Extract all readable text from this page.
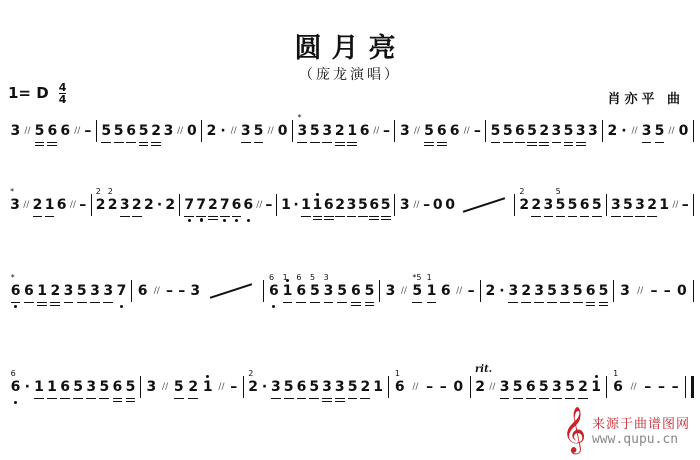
圆月亮
（庞龙演唱）
1= D 4
4	肖亦平 曲
3 // 5 6 6 // – 5 5 6 5 2 3 // 0 2 · // 3 5 // 0 3
*
5 3 2 1 6 // – 3 // 5 6 6 // – 5 5 6 5 2 3 5 3 3 2 · // 3 5 // 0
3
*
// 2 1 6 // – 2
2
2
2
3 2 2 · 2 7 7 2 7 6 6 // – 1 · 1 1 6 2 3 5 6 5 3 // – 0 0	2
2
2 3 5
5
5 6 5 3 5 3 2 1 // –
6
*
6 1 2 3 5 3 3 7 6 // – – 3	6
6
1
1
6
6
5
5
3
3
5 6 5 3 // 5
*5
1
1
6 // – 2 · 3 2 3 5 3 5 6 5 3 // – – 0
6
6
· 1 1 6 5 3 5 6 5 3 // 5 2 1 // – 2
2
· 3 5 6 5 3 3 5 2 1 6
1
// – – 0 2 // 3 5 6 5 3 5 2 1 6
1
// – – –
rit.
𝄞 来源于曲谱图网
www.qupu.cn
